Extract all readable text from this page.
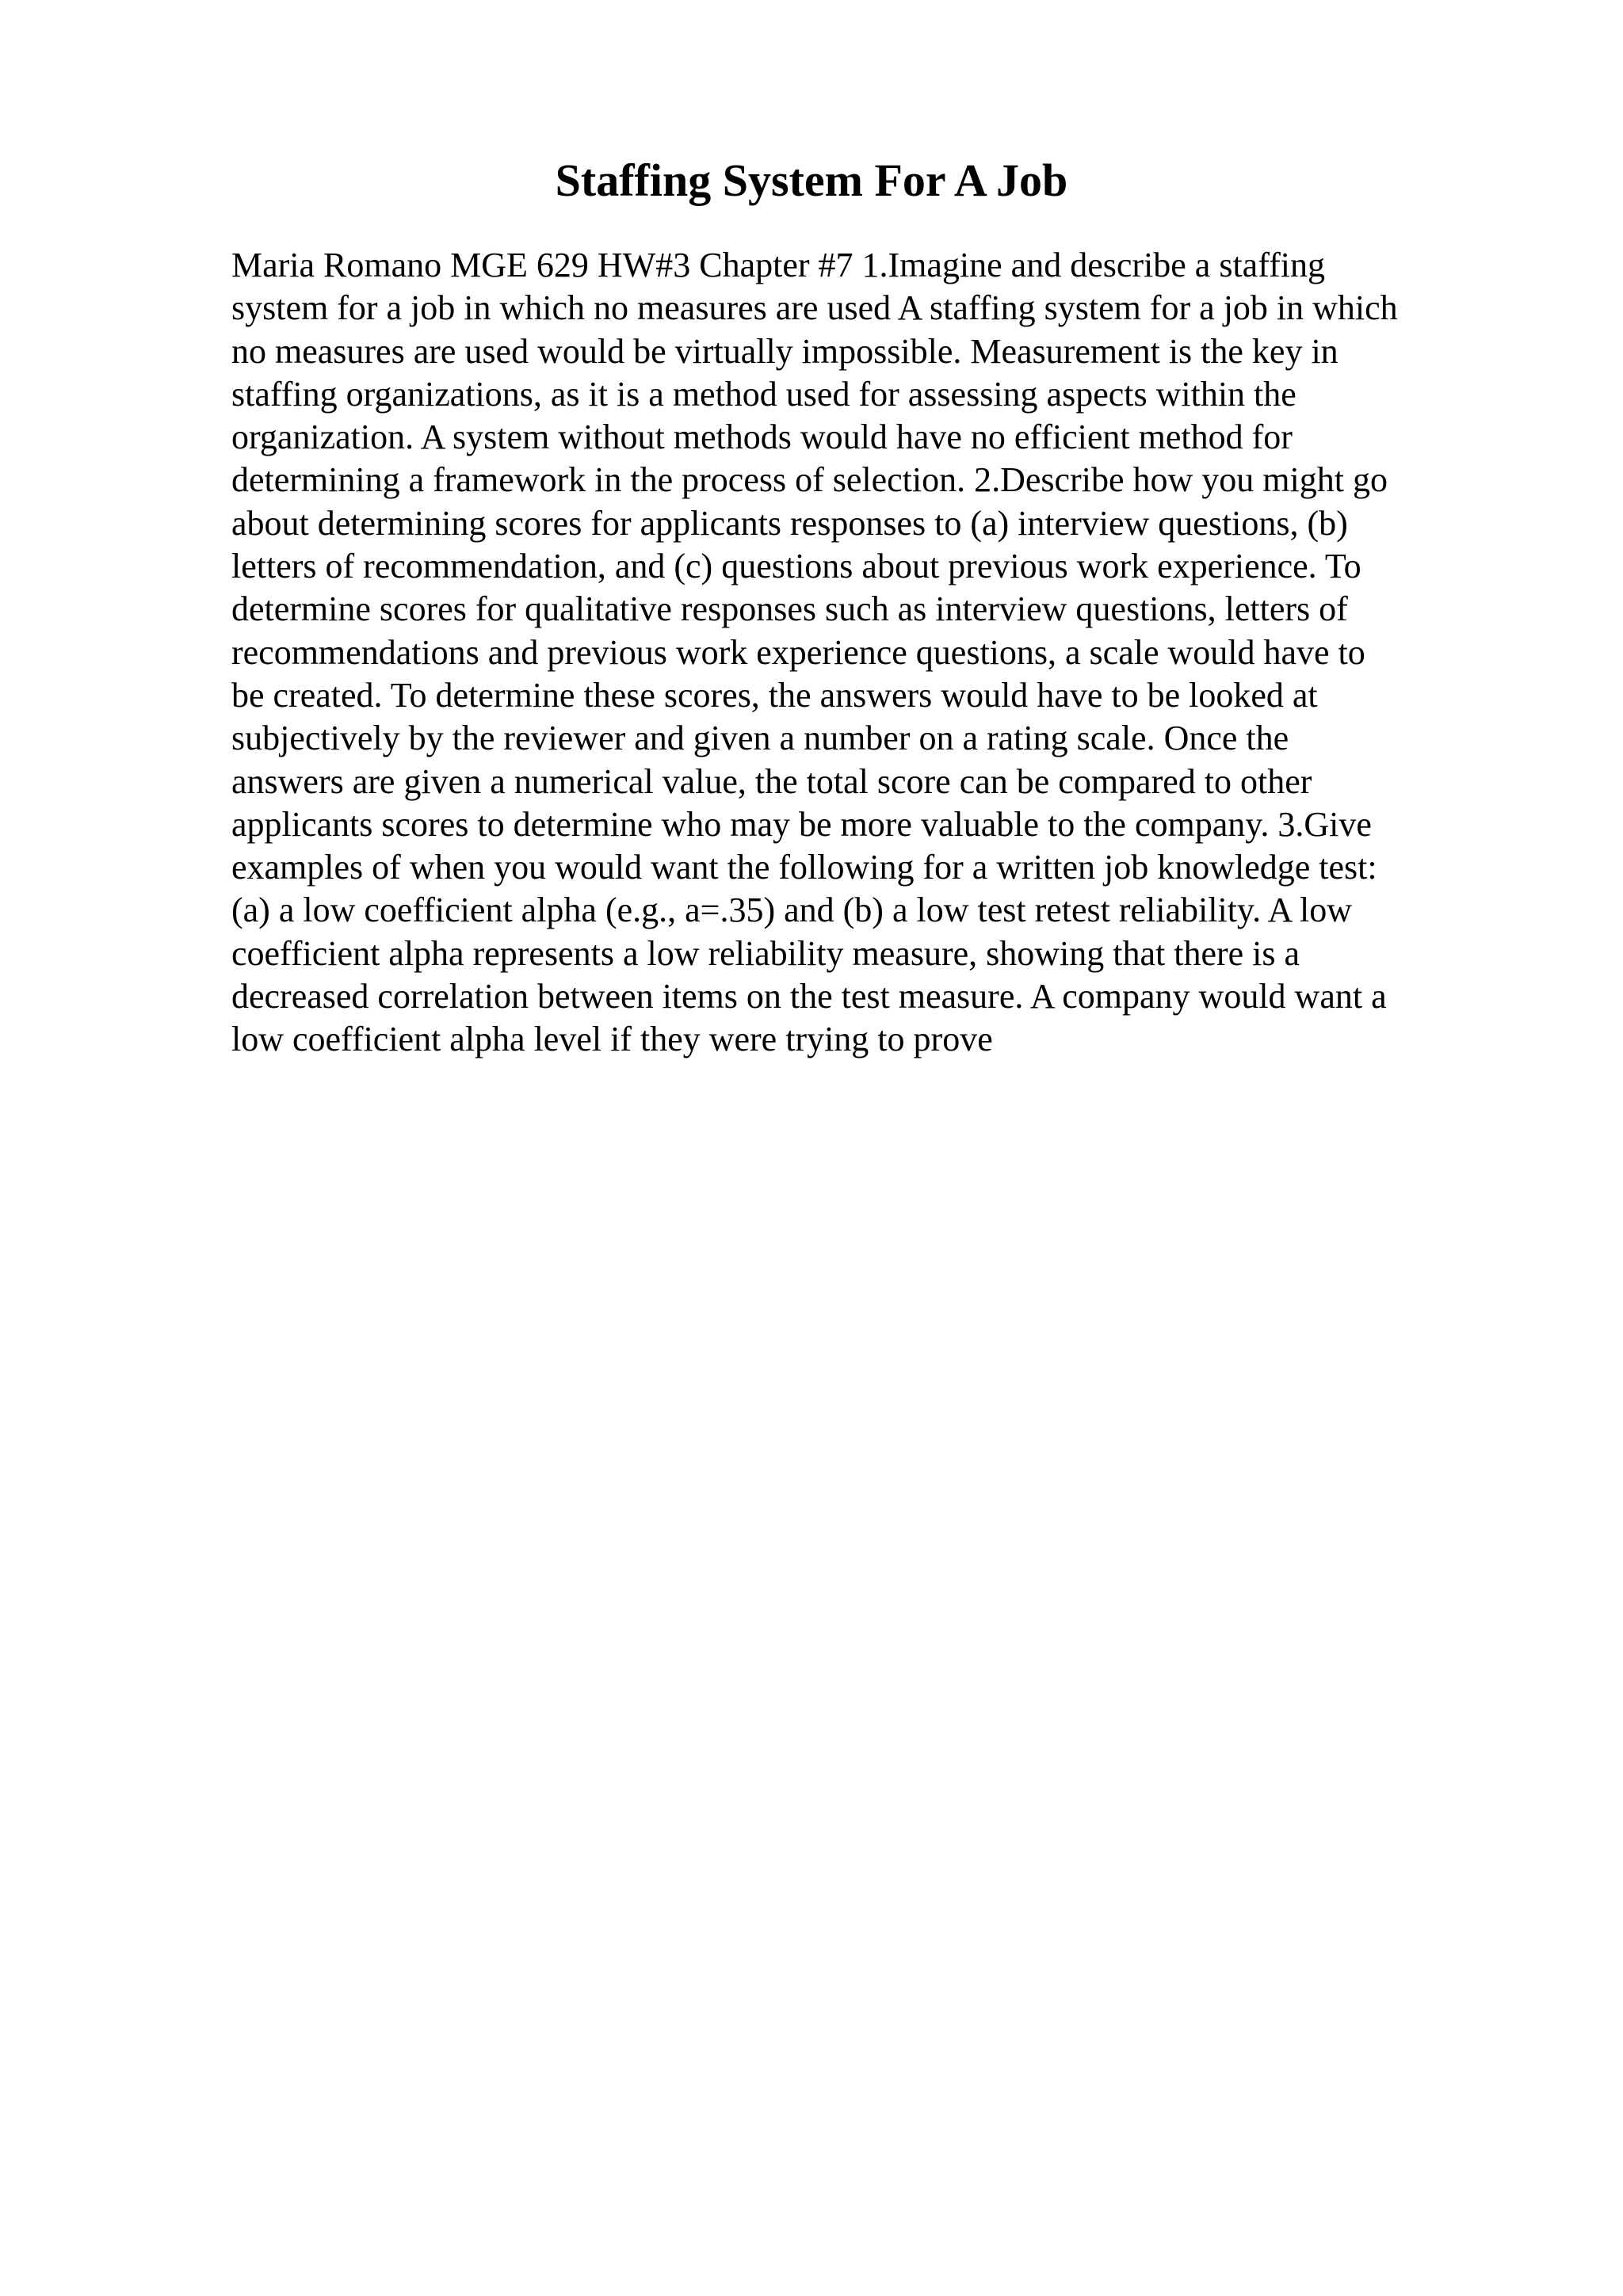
Staffing System For A Job
Maria Romano MGE 629 HW#3 Chapter #7 1.Imagine and describe a staffing
system for a job in which no measures are used A staffing system for a job in which
no measures are used would be virtually impossible. Measurement is the key in
staffing organizations, as it is a method used for assessing aspects within the
organization. A system without methods would have no efficient method for
determining a framework in the process of selection. 2.Describe how you might go
about determining scores for applicants responses to (a) interview questions, (b)
letters of recommendation, and (c) questions about previous work experience. To
determine scores for qualitative responses such as interview questions, letters of
recommendations and previous work experience questions, a scale would have to
be created. To determine these scores, the answers would have to be looked at
subjectively by the reviewer and given a number on a rating scale. Once the
answers are given a numerical value, the total score can be compared to other
applicants scores to determine who may be more valuable to the company. 3.Give
examples of when you would want the following for a written job knowledge test:
(a) a low coefficient alpha (e.g., a=.35) and (b) a low test retest reliability. A low
coefficient alpha represents a low reliability measure, showing that there is a
decreased correlation between items on the test measure. A company would want a
low coefficient alpha level if they were trying to prove
